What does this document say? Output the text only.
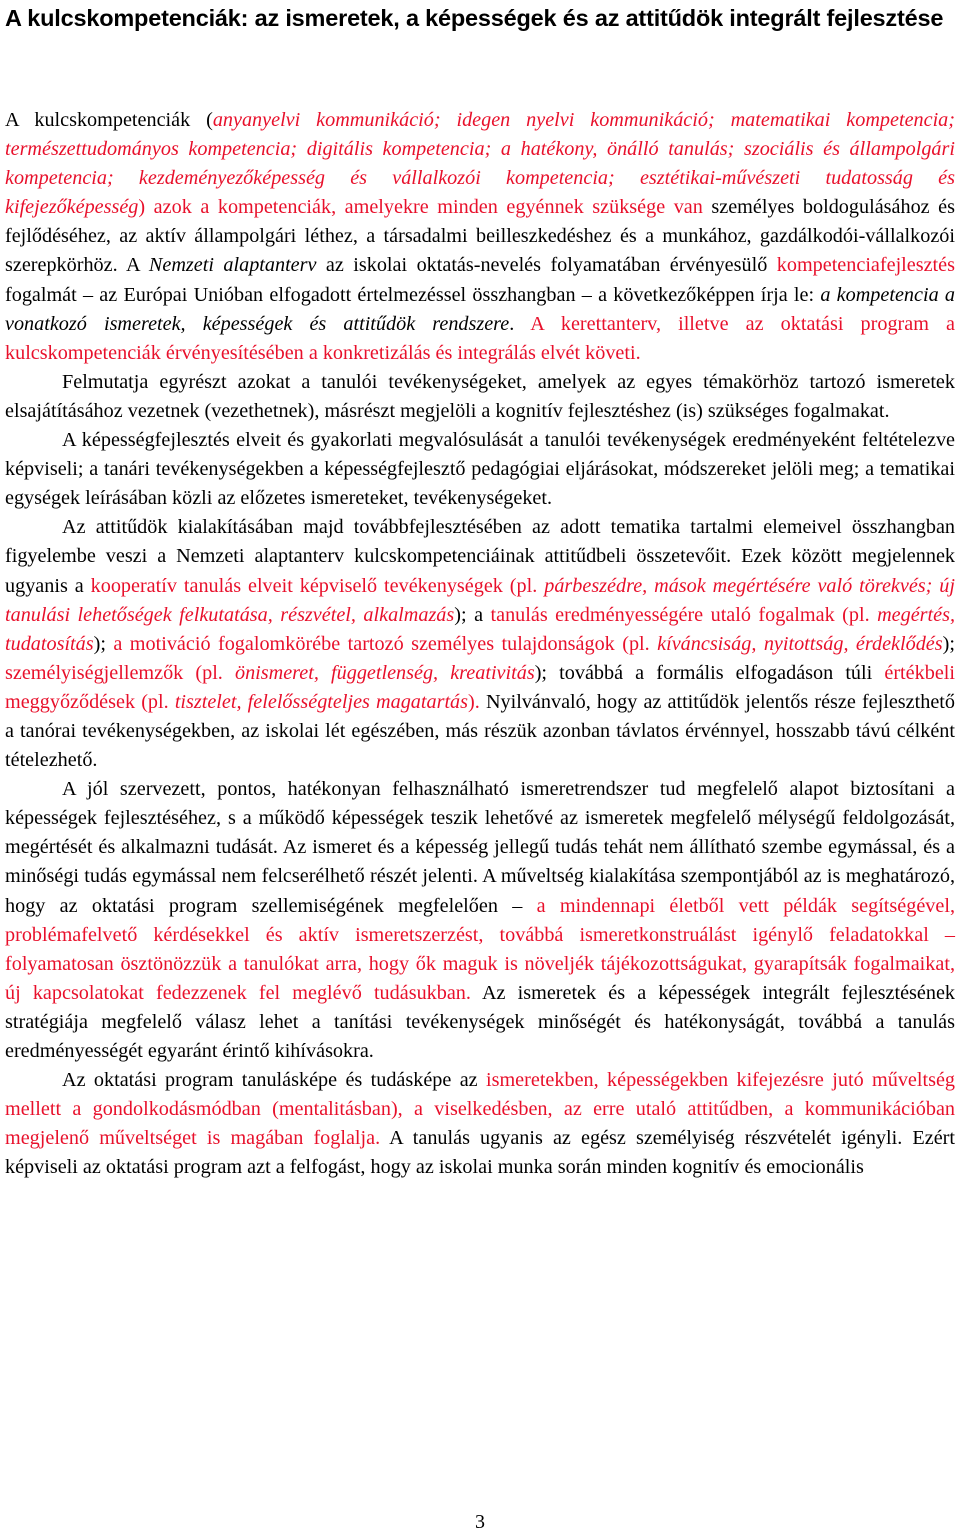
A kulcskompetenciák: az ismeretek, a képességek és az attitűdök integrált fejlesztése

A kulcskompetenciák (anyanyelvi kommunikáció; idegen nyelvi kommunikáció; matematikai kompetencia; természettudományos kompetencia; digitális kompetencia; a hatékony, önálló tanulás; szociális és állampolgári kompetencia; kezdeményezőképesség és vállalkozói kompetencia; esztétikai-művészeti tudatosság és kifejezőképesség) azok a kompetenciák, amelyekre minden egyénnek szüksége van személyes boldogulásához és fejlődéséhez, az aktív állampolgári léthez, a társadalmi beilleszkedéshez és a munkához, gazdálkodói-vállalkozói szerepkörhöz. A Nemzeti alaptanterv az iskolai oktatás-nevelés folyamatában érvényesülő kompetenciafejlesztés fogalmát – az Európai Unióban elfogadott értelmezéssel összhangban – a következőképpen írja le: a kompetencia a vonatkozó ismeretek, képességek és attitűdök rendszere. A kerettanterv, illetve az oktatási program a kulcskompetenciák érvényesítésében a konkretizálás és integrálás elvét követi.

Felmutatja egyrészt azokat a tanulói tevékenységeket, amelyek az egyes témakörhöz tartozó ismeretek elsajátításához vezetnek (vezethetnek), másrészt megjelöli a kognitív fejlesztéshez (is) szükséges fogalmakat.

A képességfejlesztés elveit és gyakorlati megvalósulását a tanulói tevékenységek eredményeként feltételezve képviseli; a tanári tevékenységekben a képességfejlesztő pedagógiai eljárásokat, módszereket jelöli meg; a tematikai egységek leírásában közli az előzetes ismereteket, tevékenységeket.

Az attitűdök kialakításában majd továbbfejlesztésében az adott tematika tartalmi elemeivel összhangban figyelembe veszi a Nemzeti alaptanterv kulcskompetenciáinak attitűdbeli összetevőit. Ezek között megjelennek ugyanis a kooperatív tanulás elveit képviselő tevékenységek (pl. párbeszédre, mások megértésére való törekvés; új tanulási lehetőségek felkutatása, részvétel, alkalmazás); a tanulás eredményességére utaló fogalmak (pl. megértés, tudatosítás); a motiváció fogalomkörébe tartozó személyes tulajdonságok (pl. kíváncsiság, nyitottság, érdeklődés); személyiségjellemzők (pl. önismeret, függetlenség, kreativitás); továbbá a formális elfogadáson túli értékbeli meggyőződések (pl. tisztelet, felelősségteljes magatartás). Nyilvánvaló, hogy az attitűdök jelentős része fejleszthető a tanórai tevékenységekben, az iskolai lét egészében, más részük azonban távlatos érvénnyel, hosszabb távú célként tételezhető.

A jól szervezett, pontos, hatékonyan felhasználható ismeretrendszer tud megfelelő alapot biztosítani a képességek fejlesztéséhez, s a működő képességek teszik lehetővé az ismeretek megfelelő mélységű feldolgozását, megértését és alkalmazni tudását. Az ismeret és a képesség jellegű tudás tehát nem állítható szembe egymással, és a minőségi tudás egymással nem felcserélhető részét jelenti. A műveltség kialakítása szempontjából az is meghatározó, hogy az oktatási program szellemiségének megfelelően – a mindennapi életből vett példák segítségével, problémafelvető kérdésekkel és aktív ismeretszerzést, továbbá ismeretkonstruálást igénylő feladatokkal – folyamatosan ösztönözzük a tanulókat arra, hogy ők maguk is növeljék tájékozottságukat, gyarapítsák fogalmaikat, új kapcsolatokat fedezzenek fel meglévő tudásukban. Az ismeretek és a képességek integrált fejlesztésének stratégiája megfelelő válasz lehet a tanítási tevékenységek minőségét és hatékonyságát, továbbá a tanulás eredményességét egyaránt érintő kihívásokra.

Az oktatási program tanulásképe és tudásképe az ismeretekben, képességekben kifejezésre jutó műveltség mellett a gondolkodásmódban (mentalitásban), a viselkedésben, az erre utaló attitűdben, a kommunikációban megjelenő műveltséget is magában foglalja. A tanulás ugyanis az egész személyiség részvételét igényli. Ezért képviseli az oktatási program azt a felfogást, hogy az iskolai munka során minden kognitív és emocionális

3
